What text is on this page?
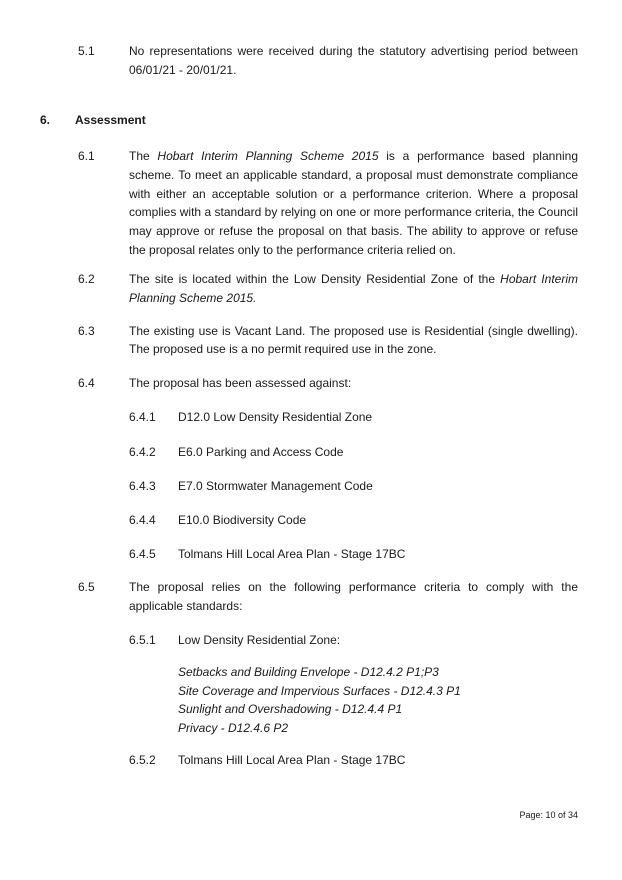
5.1	No representations were received during the statutory advertising period between 06/01/21 - 20/01/21.
6.	Assessment
6.1	The Hobart Interim Planning Scheme 2015 is a performance based planning scheme. To meet an applicable standard, a proposal must demonstrate compliance with either an acceptable solution or a performance criterion. Where a proposal complies with a standard by relying on one or more performance criteria, the Council may approve or refuse the proposal on that basis. The ability to approve or refuse the proposal relates only to the performance criteria relied on.
6.2	The site is located within the Low Density Residential Zone of the Hobart Interim Planning Scheme 2015.
6.3	The existing use is Vacant Land. The proposed use is Residential (single dwelling). The proposed use is a no permit required use in the zone.
6.4	The proposal has been assessed against:
6.4.1	D12.0 Low Density Residential Zone
6.4.2	E6.0 Parking and Access Code
6.4.3	E7.0 Stormwater Management Code
6.4.4	E10.0 Biodiversity Code
6.4.5	Tolmans Hill Local Area Plan - Stage 17BC
6.5	The proposal relies on the following performance criteria to comply with the applicable standards:
6.5.1	Low Density Residential Zone:
Setbacks and Building Envelope - D12.4.2 P1;P3
Site Coverage and Impervious Surfaces - D12.4.3 P1
Sunlight and Overshadowing - D12.4.4 P1
Privacy - D12.4.6 P2
6.5.2	Tolmans Hill Local Area Plan - Stage 17BC
Page: 10 of 34
